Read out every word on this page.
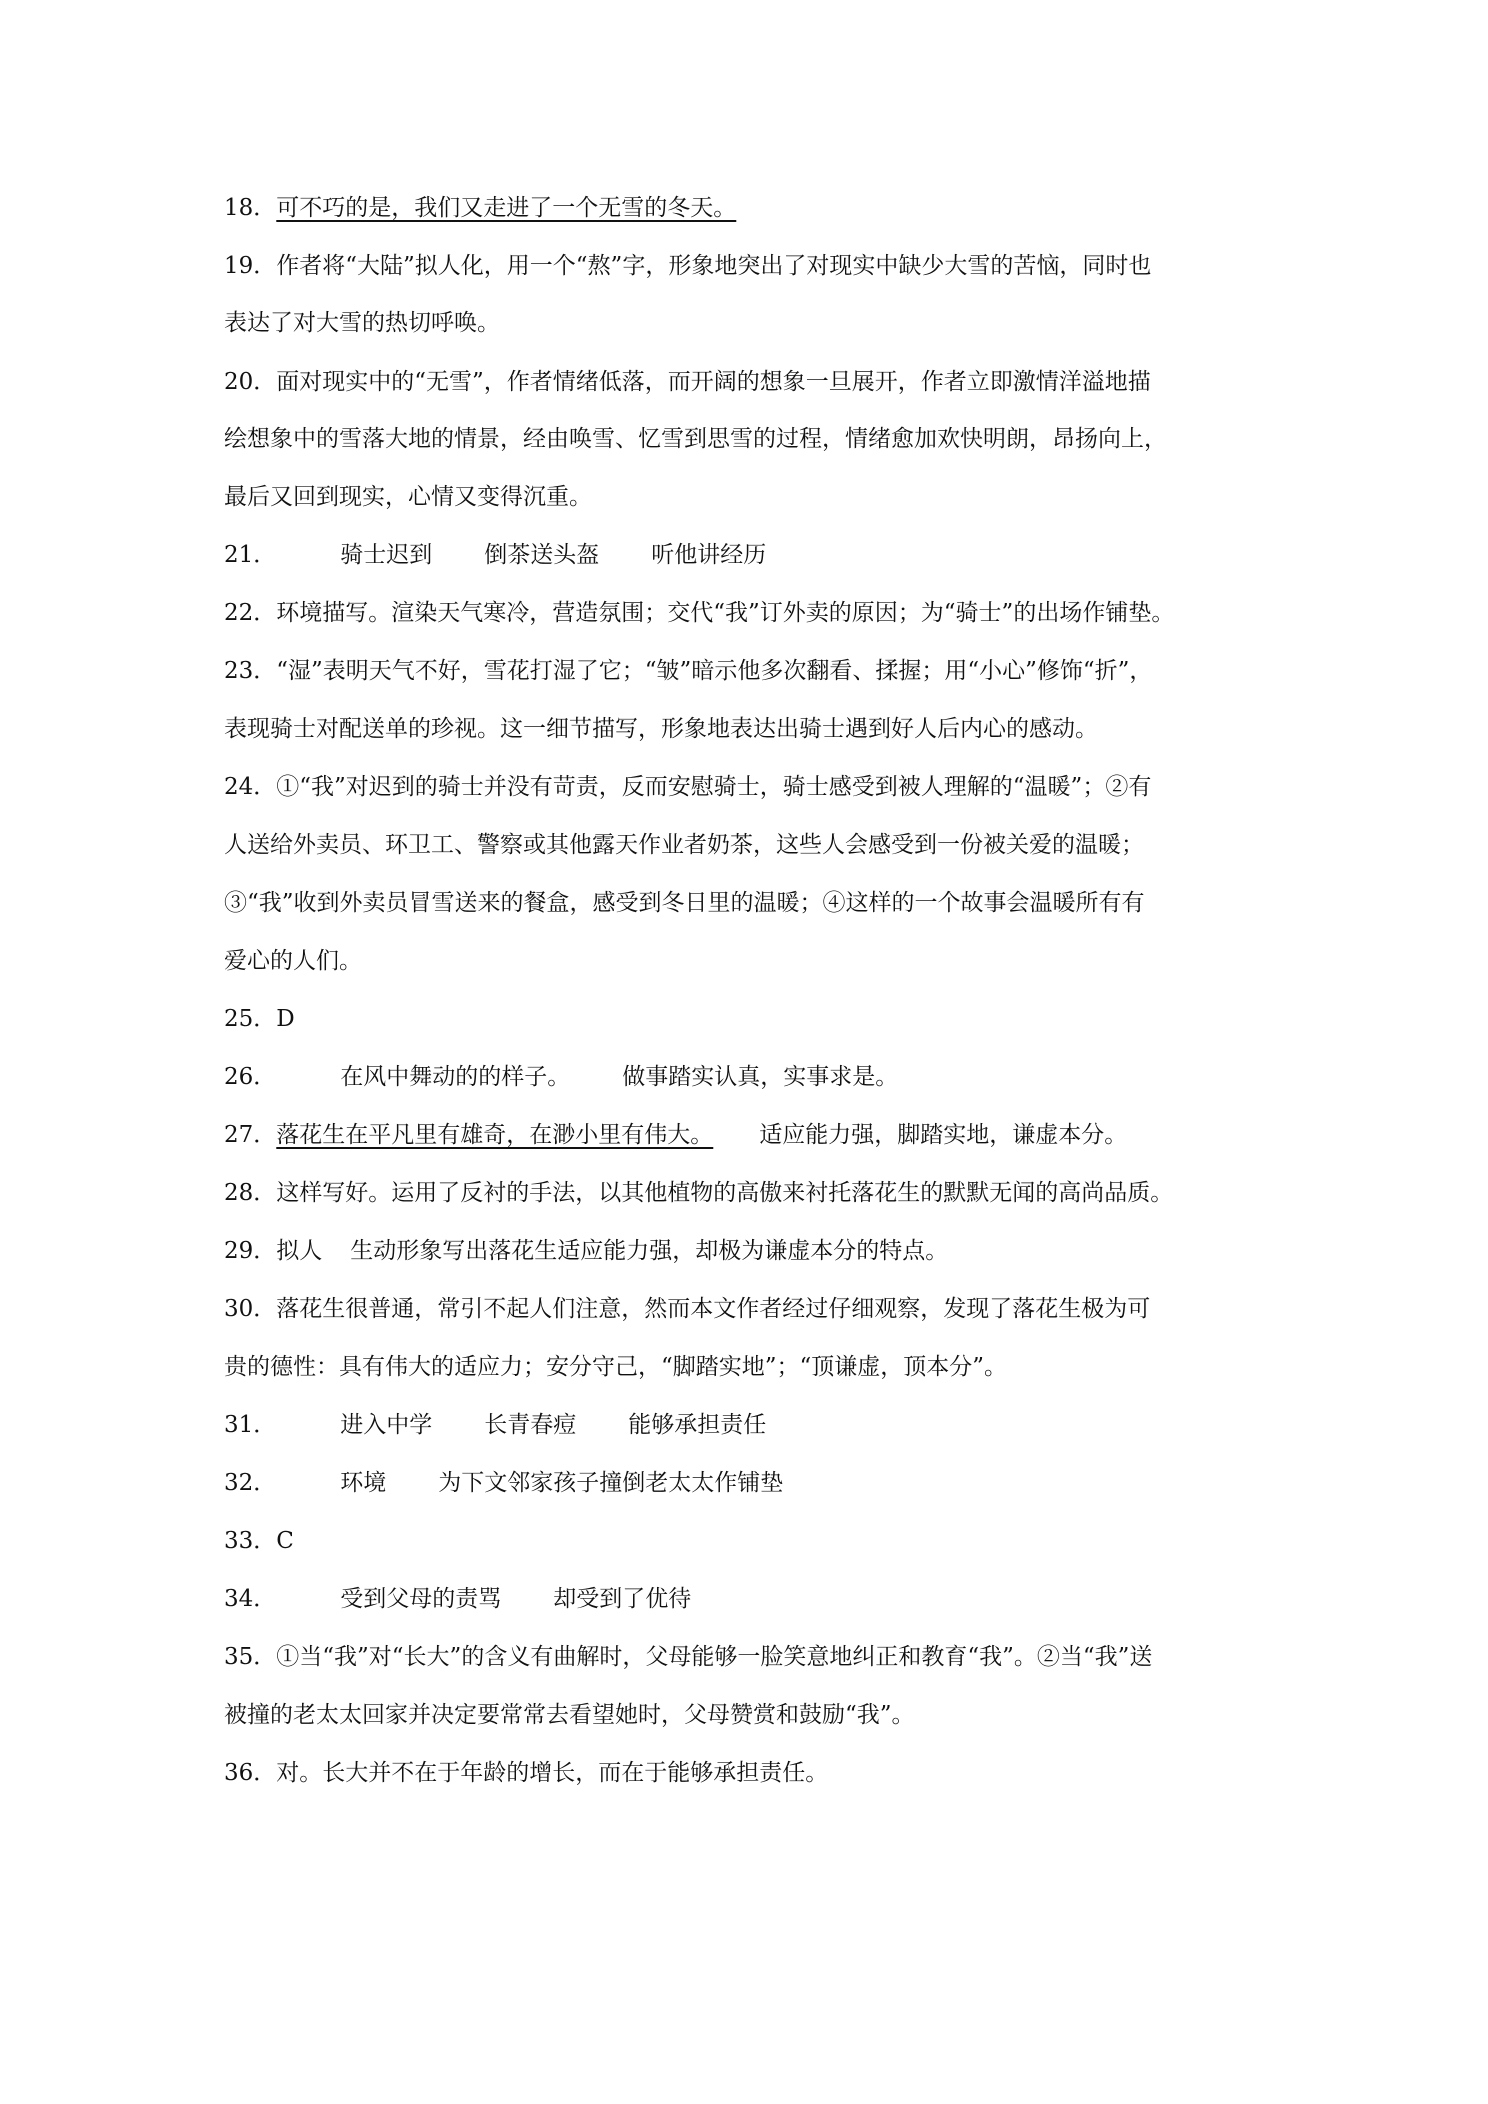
18．可不巧的是，我们又走进了一个无雪的冬天。
19．作者将“大陆”拟人化，用一个“熬”字，形象地突出了对现实中缺少大雪的苦恼，同时也
表达了对大雪的热切呼唤。
20．面对现实中的“无雪”，作者情绪低落，而开阔的想象一旦展开，作者立即激情洋溢地描
绘想象中的雪落大地的情景，经由唤雪、忆雪到思雪的过程，情绪愈加欢快明朗，昂扬向上，
最后又回到现实，心情又变得沉重。
21．	骑士迟到 倒茶送头盔 听他讲经历
22．环境描写。渲染天气寒冷，营造氛围；交代“我”订外卖的原因；为“骑士”的出场作铺垫。
23．“湿”表明天气不好，雪花打湿了它；“皱”暗示他多次翻看、揉握；用“小心”修饰“折”，
表现骑士对配送单的珍视。这一细节描写，形象地表达出骑士遇到好人后内心的感动。
24．①“我”对迟到的骑士并没有苛责，反而安慰骑士，骑士感受到被人理解的“温暖”；②有
人送给外卖员、环卫工、警察或其他露天作业者奶茶，这些人会感受到一份被关爱的温暖；
③“我”收到外卖员冒雪送来的餐盒，感受到冬日里的温暖；④这样的一个故事会温暖所有有
爱心的人们。
25．D
26．	在风中舞动的的样子。 做事踏实认真，实事求是。
27．落花生在平凡里有雄奇，在渺小里有伟大。 适应能力强，脚踏实地，谦虚本分。
28．这样写好。运用了反衬的手法，以其他植物的高傲来衬托落花生的默默无闻的高尚品质。
29．拟人 生动形象写出落花生适应能力强，却极为谦虚本分的特点。
30．落花生很普通，常引不起人们注意，然而本文作者经过仔细观察，发现了落花生极为可
贵的德性：具有伟大的适应力；安分守己，“脚踏实地”；“顶谦虚，顶本分”。
31．	进入中学 长青春痘 能够承担责任
32．	环境 为下文邻家孩子撞倒老太太作铺垫
33．C
34．	受到父母的责骂 却受到了优待
35．①当“我”对“长大”的含义有曲解时，父母能够一脸笑意地纠正和教育“我”。②当“我”送
被撞的老太太回家并决定要常常去看望她时，父母赞赏和鼓励“我”。
36．对。长大并不在于年龄的增长，而在于能够承担责任。
